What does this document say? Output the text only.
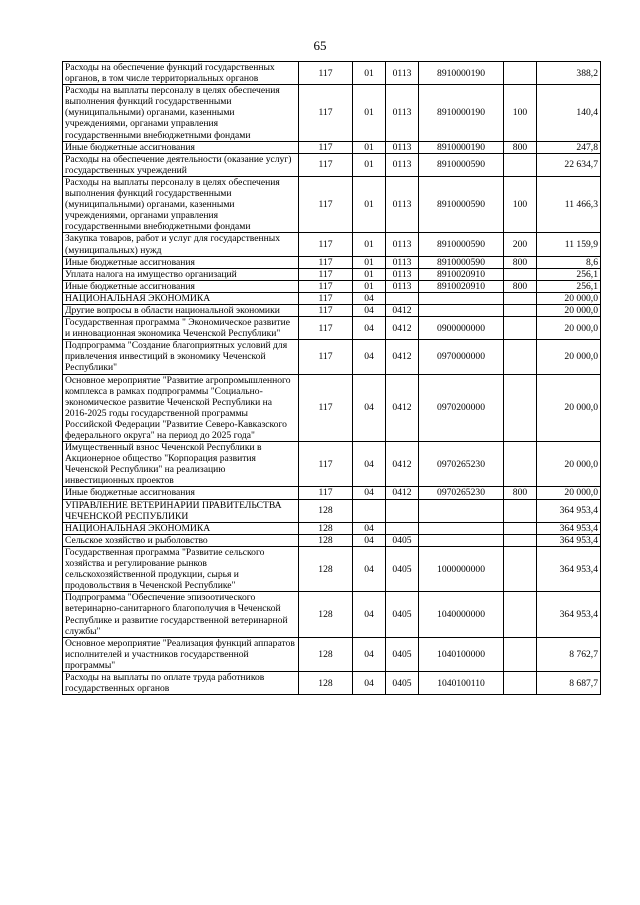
65
Расходы на обеспечение функций государственных органов, в том числе территориальных органов	117	01	0113	8910000190		388,2
Расходы на выплаты персоналу в целях обеспечения выполнения функций государственными (муниципальными) органами, казенными учреждениями, органами управления государственными внебюджетными фондами	117	01	0113	8910000190	100	140,4
Иные бюджетные ассигнования	117	01	0113	8910000190	800	247,8
Расходы на обеспечение деятельности (оказание услуг) государственных учреждений	117	01	0113	8910000590		22 634,7
Расходы на выплаты персоналу в целях обеспечения выполнения функций государственными (муниципальными) органами, казенными учреждениями, органами управления государственными внебюджетными фондами	117	01	0113	8910000590	100	11 466,3
Закупка товаров, работ и услуг для государственных (муниципальных) нужд	117	01	0113	8910000590	200	11 159,9
Иные бюджетные ассигнования	117	01	0113	8910000590	800	8,6
Уплата налога на имущество организаций	117	01	0113	8910020910		256,1
Иные бюджетные ассигнования	117	01	0113	8910020910	800	256,1
НАЦИОНАЛЬНАЯ ЭКОНОМИКА	117	04				20 000,0
Другие вопросы в области национальной экономики	117	04	0412			20 000,0
Государственная программа " Экономическое развитие и инновационная экономика Чеченской Республики"	117	04	0412	0900000000		20 000,0
Подпрограмма "Создание благоприятных условий для привлечения инвестиций в экономику Чеченской Республики"	117	04	0412	0970000000		20 000,0
Основное мероприятие "Развитие агропромышленного комплекса в рамках подпрограммы "Социально-экономическое развитие Чеченской Республики на 2016-2025 годы государственной программы Российской Федерации "Развитие Северо-Кавказского федерального округа" на период до 2025 года"	117	04	0412	0970200000		20 000,0
Имущественный взнос Чеченской Республики в Акционерное общество "Корпорация развития Чеченской Республики" на реализацию инвестиционных проектов	117	04	0412	0970265230		20 000,0
Иные бюджетные ассигнования	117	04	0412	0970265230	800	20 000,0
УПРАВЛЕНИЕ ВЕТЕРИНАРИИ ПРАВИТЕЛЬСТВА ЧЕЧЕНСКОЙ РЕСПУБЛИКИ	128					364 953,4
НАЦИОНАЛЬНАЯ ЭКОНОМИКА	128	04				364 953,4
Сельское хозяйство и рыболовство	128	04	0405			364 953,4
Государственная программа "Развитие сельского хозяйства и регулирование рынков сельскохозяйственной продукции, сырья и продовольствия в Чеченской Республике"	128	04	0405	1000000000		364 953,4
Подпрограмма "Обеспечение эпизоотического ветеринарно-санитарного благополучия в Чеченской Республике и развитие государственной ветеринарной службы"	128	04	0405	1040000000		364 953,4
Основное мероприятие "Реализация функций аппаратов исполнителей и участников государственной программы"	128	04	0405	1040100000		8 762,7
Расходы на выплаты по оплате труда работников государственных органов	128	04	0405	1040100110		8 687,7
